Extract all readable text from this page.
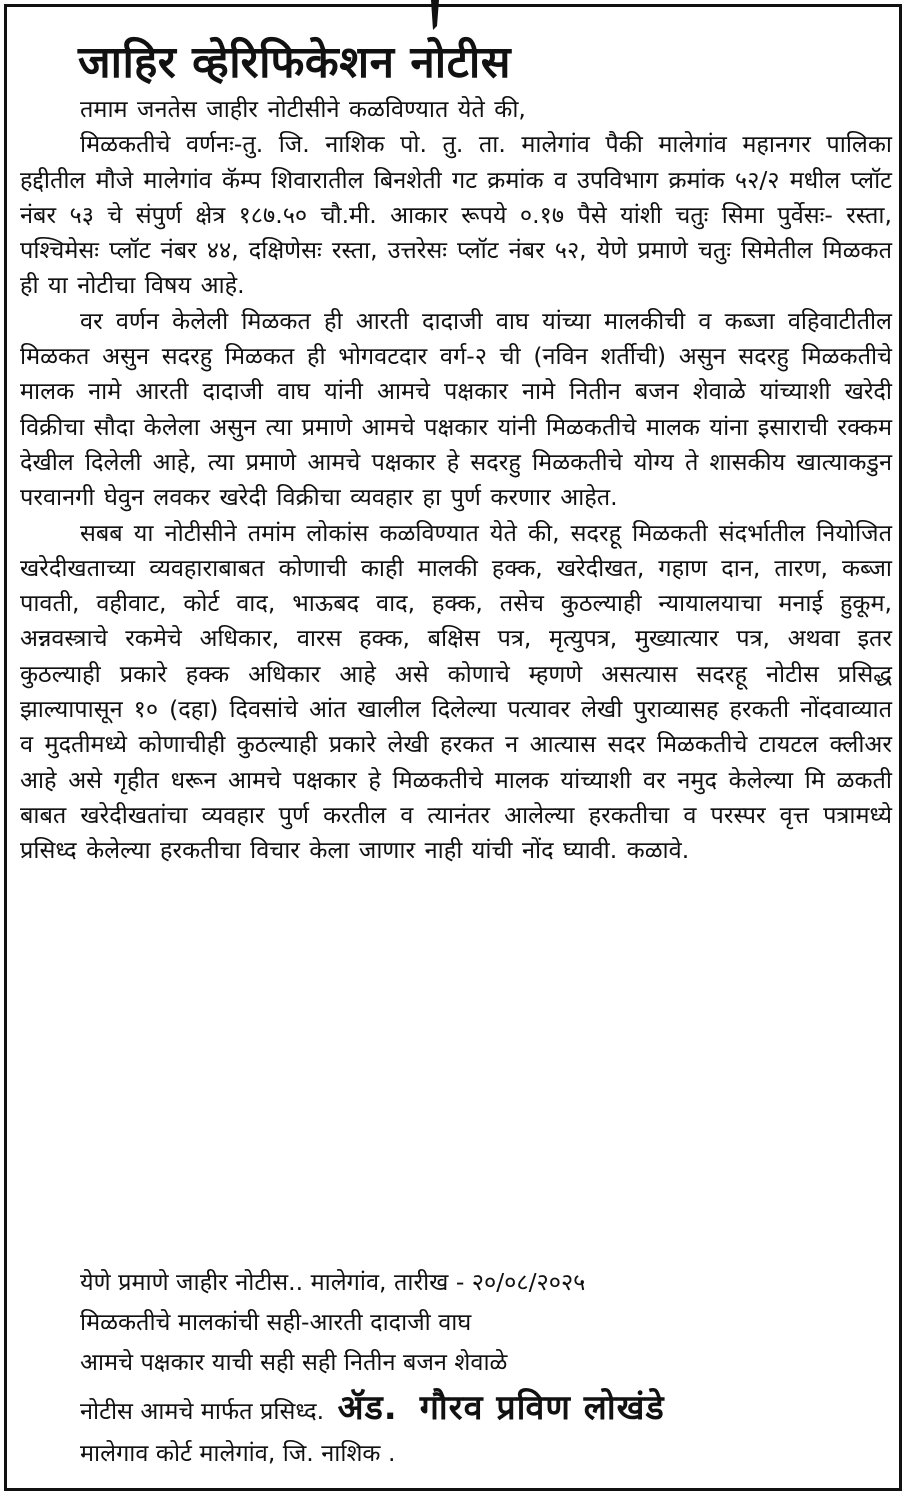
जाहिर व्हेरिफिकेशन नोटीस

तमाम जनतेस जाहीर नोटीसीने कळविण्यात येते की,

मिळकतीचे वर्णनः-तु. जि. नाशिक पो. तु. ता. मालेगांव पैकी मालेगांव महानगर पालिका हद्दीतील मौजे मालेगांव कॅम्प शिवारातील बिनशेती गट क्रमांक व उपविभाग क्रमांक ५२/२ मधील प्लॉट नंबर ५३ चे संपुर्ण क्षेत्र १८७.५० चौ.मी. आकार रूपये ०.१७ पैसे यांशी चतुः सिमा पुर्वेसः- रस्ता, पश्चिमेसः प्लॉट नंबर ४४, दक्षिणेसः रस्ता, उत्तरेसः प्लॉट नंबर ५२, येणे प्रमाणे चतुः सिमेतील मिळकत ही या नोटीचा विषय आहे.

वर वर्णन केलेली मिळकत ही आरती दादाजी वाघ यांच्या मालकीची व कब्जा वहिवाटीतील मिळकत असुन सदरहु मिळकत ही भोगवटदार वर्ग-२ ची (नविन शर्तीची) असुन सदरहु मिळकतीचे मालक नामे आरती दादाजी वाघ यांनी आमचे पक्षकार नामे नितीन बजन शेवाळे यांच्याशी खरेदी विक्रीचा सौदा केलेला असुन त्या प्रमाणे आमचे पक्षकार यांनी मिळकतीचे मालक यांना इसाराची रक्कम देखील दिलेली आहे, त्या प्रमाणे आमचे पक्षकार हे सदरहु मिळकतीचे योग्य ते शासकीय खात्याकडुन परवानगी घेवुन लवकर खरेदी विक्रीचा व्यवहार हा पुर्ण करणार आहेत.

सबब या नोटीसीने तमांम लोकांस कळविण्यात येते की, सदरहू मिळकती संदर्भातील नियोजित खरेदीखताच्या व्यवहाराबाबत कोणाची काही मालकी हक्क, खरेदीखत, गहाण दान, तारण, कब्जा पावती, वहीवाट, कोर्ट वाद, भाऊबद वाद, हक्क, तसेच कुठल्याही न्यायालयाचा मनाई हुकूम, अन्नवस्त्राचे रकमेचे अधिकार, वारस हक्क, बक्षिस पत्र, मृत्युपत्र, मुख्यात्यार पत्र, अथवा इतर कुठल्याही प्रकारे हक्क अधिकार आहे असे कोणाचे म्हणणे असत्यास सदरहू नोटीस प्रसिद्ध झाल्यापासून १० (दहा) दिवसांचे आंत खालील दिलेल्या पत्यावर लेखी पुराव्यासह हरकती नोंदवाव्यात व मुदतीमध्ये कोणाचीही कुठल्याही प्रकारे लेखी हरकत न आत्यास सदर मिळकतीचे टायटल क्लीअर आहे असे गृहीत धरून आमचे पक्षकार हे मिळकतीचे मालक यांच्याशी वर नमुद केलेल्या मि ळकती बाबत खरेदीखतांचा व्यवहार पुर्ण करतील व त्यानंतर आलेल्या हरकतीचा व परस्पर वृत्त पत्रामध्ये प्रसिध्द केलेल्या हरकतीचा विचार केला जाणार नाही यांची नोंद घ्यावी. कळावे.

येणे प्रमाणे जाहीर नोटीस.. मालेगांव, तारीख - २०/०८/२०२५
मिळकतीचे मालकांची सही-आरती दादाजी वाघ
आमचे पक्षकार याची सही सही नितीन बजन शेवाळे
नोटीस आमचे मार्फत प्रसिध्द. ॲड. गौरव प्रविण लोखंडे
मालेगाव कोर्ट मालेगांव, जि. नाशिक .
